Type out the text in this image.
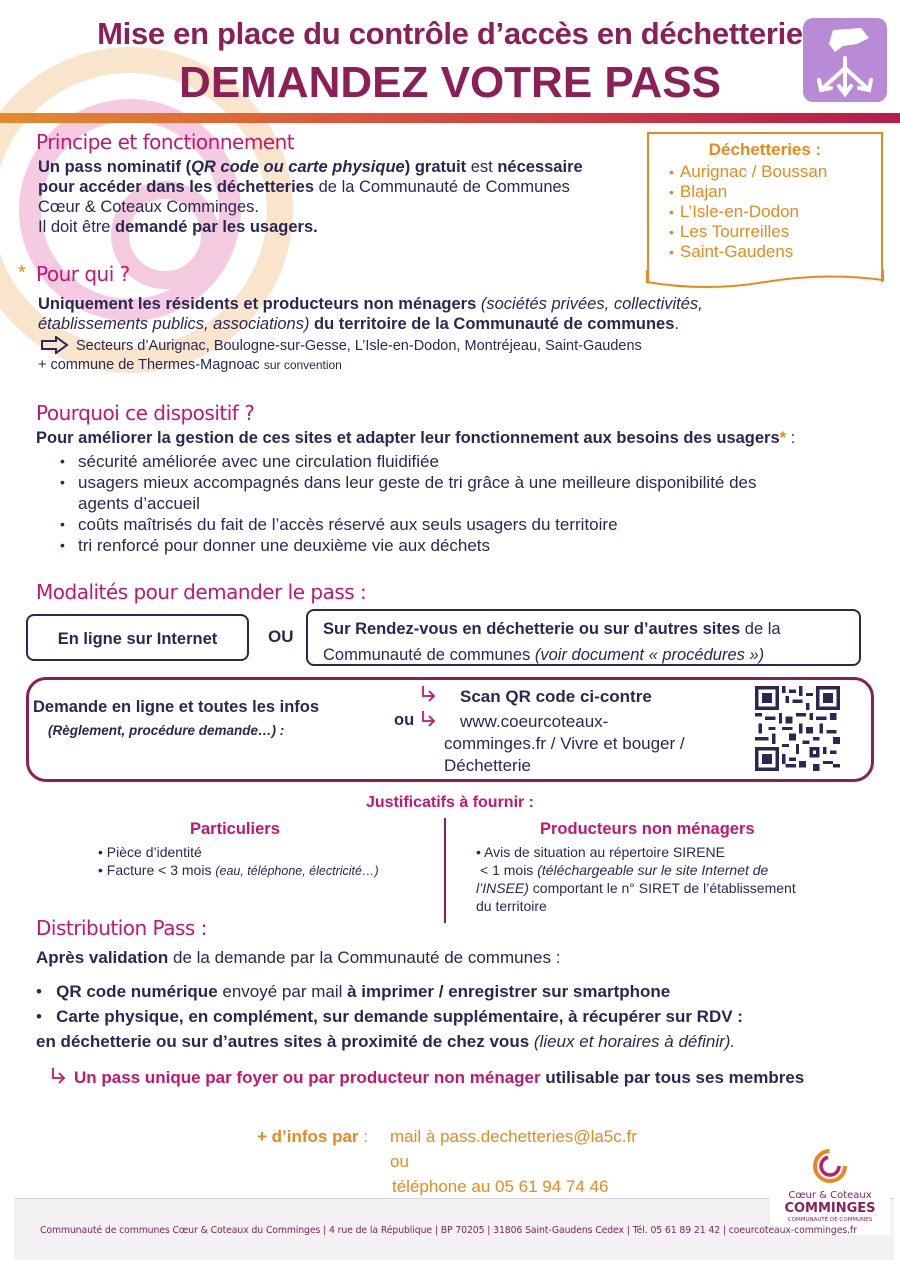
Mise en place du contrôle d’accès en déchetterie
DEMANDEZ VOTRE PASS
Principe et fonctionnement
Un pass nominatif (QR code ou carte physique) gratuit est nécessaire
pour accéder dans les déchetteries de la Communauté de Communes
Cœur & Coteaux Comminges.
Il doit être demandé par les usagers.
Déchetteries :
• Aurignac / Boussan
• Blajan
• L’Isle-en-Dodon
• Les Tourreilles
• Saint-Gaudens
* Pour qui ?
Uniquement les résidents et producteurs non ménagers (sociétés privées, collectivités,
établissements publics, associations) du territoire de la Communauté de communes.
Secteurs d’Aurignac, Boulogne-sur-Gesse, L’Isle-en-Dodon, Montréjeau, Saint-Gaudens
+ commune de Thermes-Magnoac sur convention
Pourquoi ce dispositif ?
Pour améliorer la gestion de ces sites et adapter leur fonctionnement aux besoins des usagers* :
• sécurité améliorée avec une circulation fluidifiée
• usagers mieux accompagnés dans leur geste de tri grâce à une meilleure disponibilité des
agents d’accueil
• coûts maîtrisés du fait de l’accès réservé aux seuls usagers du territoire
• tri renforcé pour donner une deuxième vie aux déchets
Modalités pour demander le pass :
En ligne sur Internet	OU Sur Rendez-vous en déchetterie ou sur d’autres sites de la
Communauté de communes (voir document « procédures »)
Demande en ligne et toutes les infos
(Règlement, procédure demande…) :
ou
Scan QR code ci-contre
www.coeurcoteaux-
comminges.fr / Vivre et bouger /
Déchetterie
Justificatifs à fournir :
Particuliers
• Pièce d’identité
• Facture < 3 mois (eau, téléphone, électricité…)
Producteurs non ménagers
• Avis de situation au répertoire SIRENE
< 1 mois (téléchargeable sur le site Internet de
l’INSEE) comportant le n° SIRET de l’établissement
du territoire
Distribution Pass :
Après validation de la demande par la Communauté de communes :
•   QR code numérique envoyé par mail à imprimer / enregistrer sur smartphone
•   Carte physique, en complément, sur demande supplémentaire, à récupérer sur RDV :
en déchetterie ou sur d’autres sites à proximité de chez vous (lieux et horaires à définir).
Un pass unique par foyer ou par producteur non ménager utilisable par tous ses membres
+ d’infos par : mail à pass.dechetteries@la5c.fr
ou
téléphone au 05 61 94 74 46	Cœur & Coteaux
COMMINGES
COMMUNAUTÉ DE COMMUNES
Communauté de communes Cœur & Coteaux du Comminges | 4 rue de la République | BP 70205 | 31806 Saint-Gaudens Cedex | Tél. 05 61 89 21 42 | coeurcoteaux-comminges.fr
